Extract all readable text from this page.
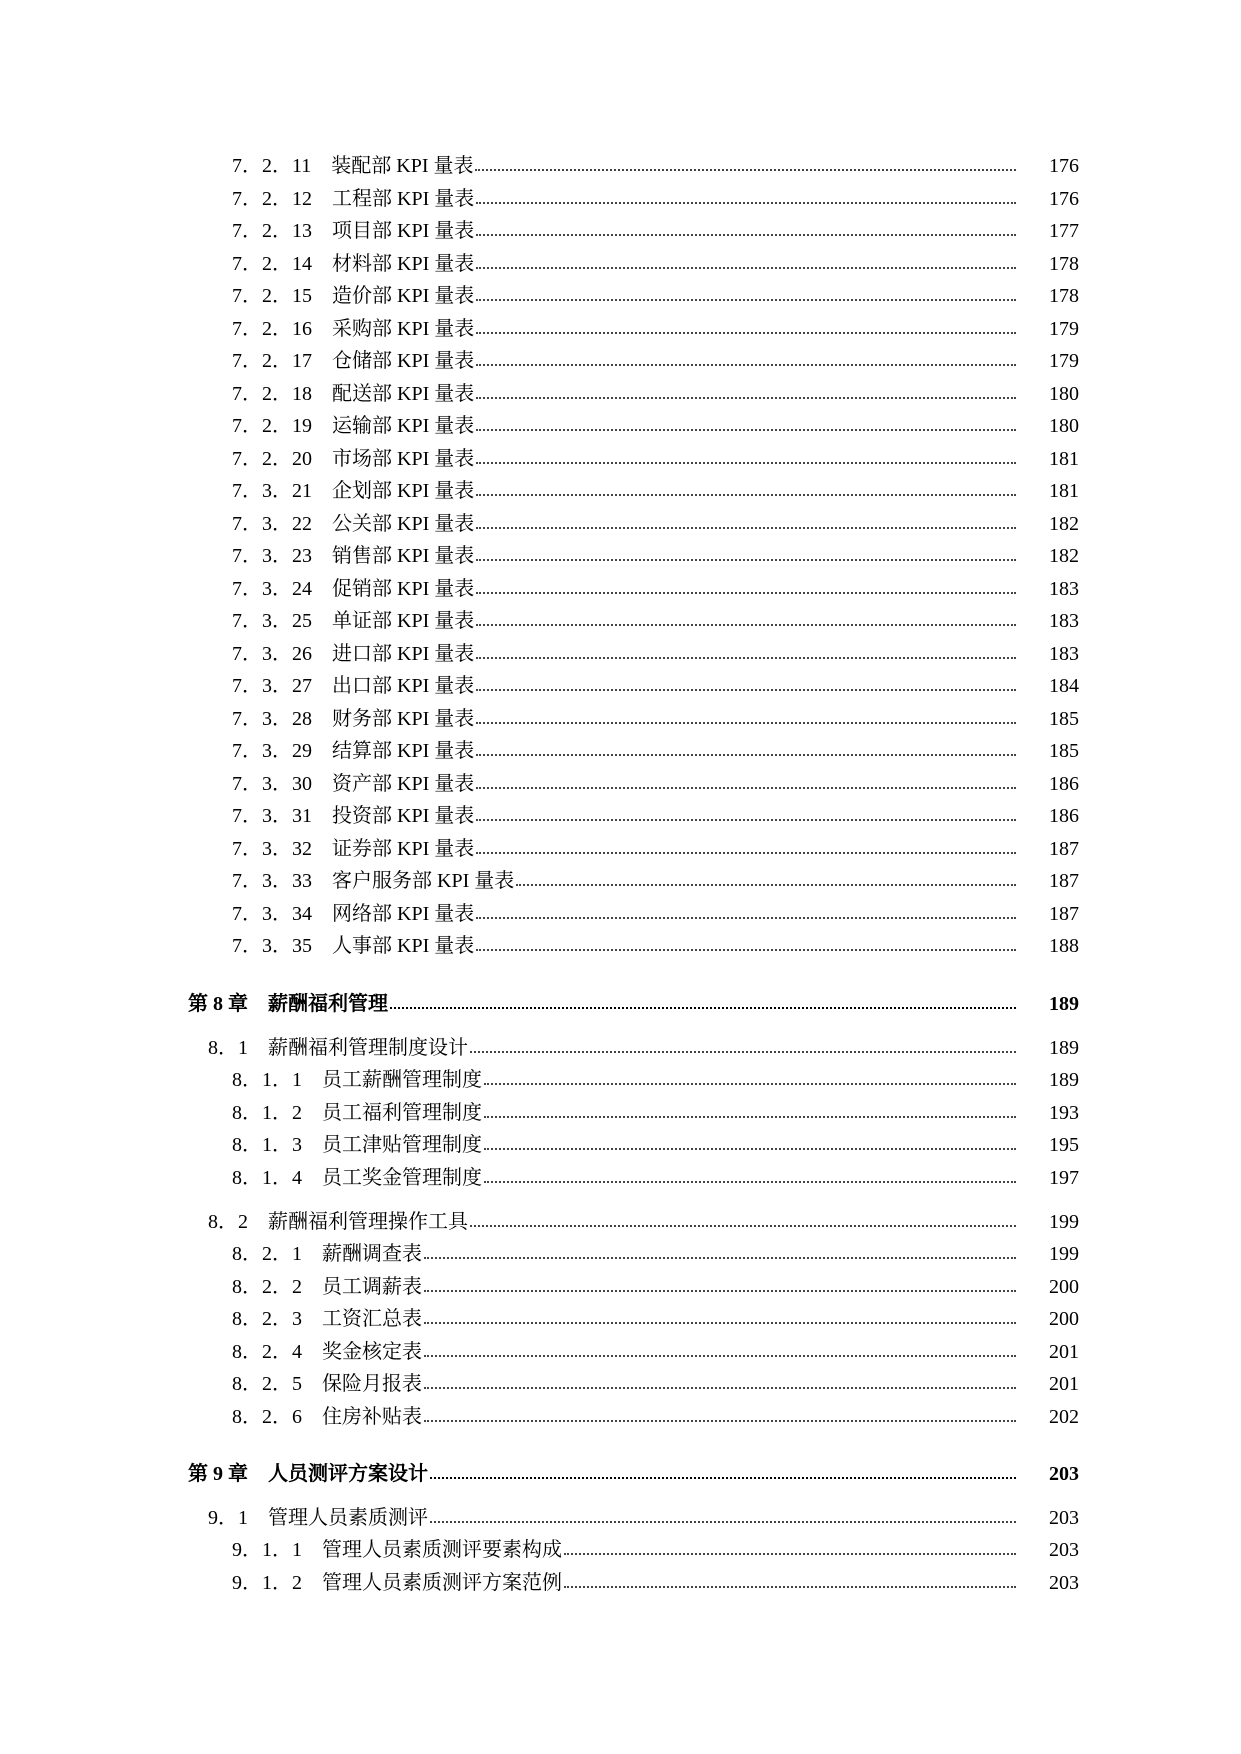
7．2．11　装配部 KPI 量表	176
7．2．12　工程部 KPI 量表	176
7．2．13　项目部 KPI 量表	177
7．2．14　材料部 KPI 量表	178
7．2．15　造价部 KPI 量表	178
7．2．16　采购部 KPI 量表	179
7．2．17　仓储部 KPI 量表	179
7．2．18　配送部 KPI 量表	180
7．2．19　运输部 KPI 量表	180
7．2．20　市场部 KPI 量表	181
7．3．21　企划部 KPI 量表	181
7．3．22　公关部 KPI 量表	182
7．3．23　销售部 KPI 量表	182
7．3．24　促销部 KPI 量表	183
7．3．25　单证部 KPI 量表	183
7．3．26　进口部 KPI 量表	183
7．3．27　出口部 KPI 量表	184
7．3．28　财务部 KPI 量表	185
7．3．29　结算部 KPI 量表	185
7．3．30　资产部 KPI 量表	186
7．3．31　投资部 KPI 量表	186
7．3．32　证券部 KPI 量表	187
7．3．33　客户服务部 KPI 量表	187
7．3．34　网络部 KPI 量表	187
7．3．35　人事部 KPI 量表	188
第 8 章　薪酬福利管理	189
8．1　薪酬福利管理制度设计	189
8．1．1　员工薪酬管理制度	189
8．1．2　员工福利管理制度	193
8．1．3　员工津贴管理制度	195
8．1．4　员工奖金管理制度	197
8．2　薪酬福利管理操作工具	199
8．2．1　薪酬调查表	199
8．2．2　员工调薪表	200
8．2．3　工资汇总表	200
8．2．4　奖金核定表	201
8．2．5　保险月报表	201
8．2．6　住房补贴表	202
第 9 章　人员测评方案设计	203
9．1　管理人员素质测评	203
9．1．1　管理人员素质测评要素构成	203
9．1．2　管理人员素质测评方案范例	203
